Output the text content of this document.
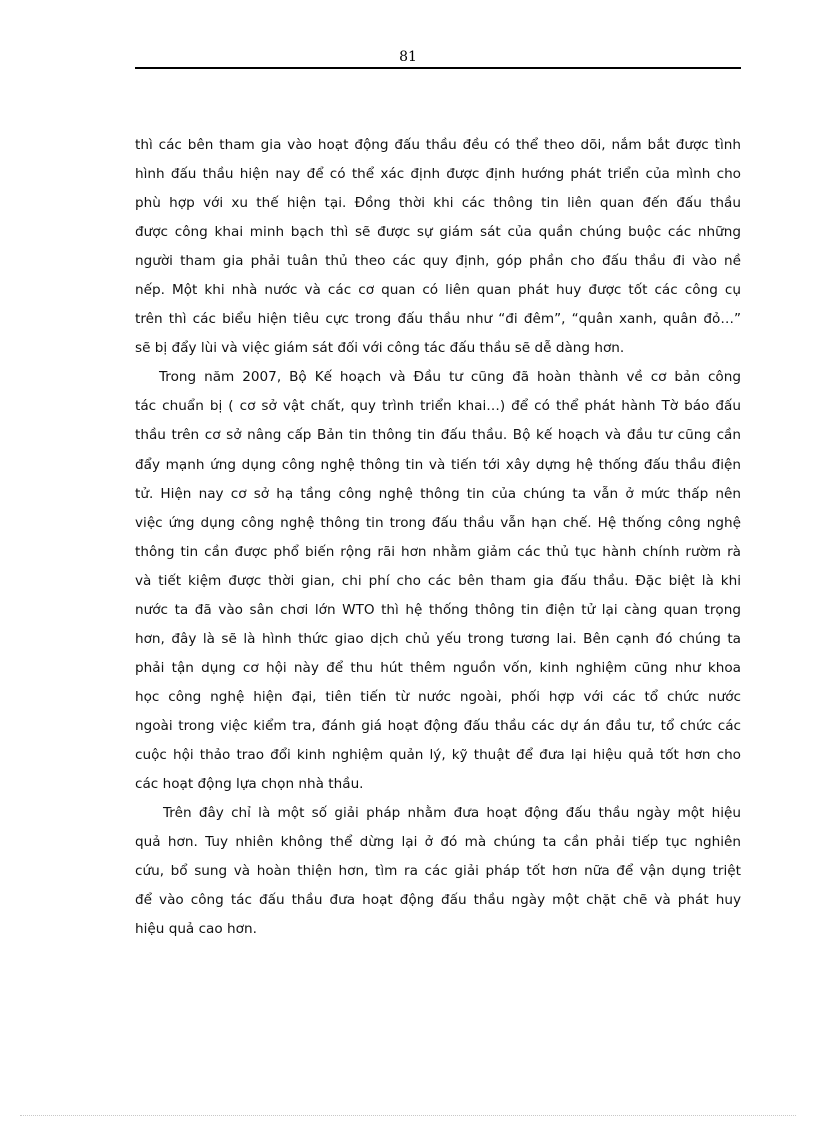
81
thì các bên tham gia vào hoạt động đấu thầu đều có thể theo dõi, nắm bắt được tình
hình đấu thầu hiện nay để có thể xác định được định hướng phát triển của mình cho
phù hợp với xu thế hiện tại. Đồng thời khi các thông tin liên quan đến đấu thầu
được công khai minh bạch thì sẽ được sự giám sát của quần chúng buộc các những
người tham gia phải tuân thủ theo các quy định, góp phần cho đấu thầu đi vào nề
nếp. Một khi nhà nước và các cơ quan có liên quan phát huy được tốt các công cụ
trên thì các biểu hiện tiêu cực trong đấu thầu như “đi đêm”, “quân xanh, quân đỏ…”
sẽ bị đẩy lùi và việc giám sát đối với công tác đấu thầu sẽ dễ dàng hơn.
Trong năm 2007, Bộ Kế hoạch và Đầu tư cũng đã hoàn thành về cơ bản công
tác chuẩn bị ( cơ sở vật chất, quy trình triển khai…) để có thể phát hành Tờ báo đấu
thầu trên cơ sở nâng cấp Bản tin thông tin đấu thầu. Bộ kế hoạch và đầu tư cũng cần
đẩy mạnh ứng dụng công nghệ thông tin và tiến tới xây dựng hệ thống đấu thầu điện
tử. Hiện nay cơ sở hạ tầng công nghệ thông tin của chúng ta vẫn ở mức thấp nên
việc ứng dụng công nghệ thông tin trong đấu thầu vẫn hạn chế. Hệ thống công nghệ
thông tin cần được phổ biến rộng rãi hơn nhằm giảm các thủ tục hành chính rườm rà
và tiết kiệm được thời gian, chi phí cho các bên tham gia đấu thầu. Đặc biệt là khi
nước ta đã vào sân chơi lớn WTO thì hệ thống thông tin điện tử lại càng quan trọng
hơn, đây là sẽ là hình thức giao dịch chủ yếu trong tương lai. Bên cạnh đó chúng ta
phải tận dụng cơ hội này để thu hút thêm nguồn vốn, kinh nghiệm cũng như khoa
học công nghệ hiện đại, tiên tiến từ nước ngoài, phối hợp với các tổ chức nước
ngoài trong việc kiểm tra, đánh giá hoạt động đấu thầu các dự án đầu tư, tổ chức các
cuộc hội thảo trao đổi kinh nghiệm quản lý, kỹ thuật để đưa lại hiệu quả tốt hơn cho
các hoạt động lựa chọn nhà thầu.
Trên đây chỉ là một số giải pháp nhằm đưa hoạt động đấu thầu ngày một hiệu
quả hơn. Tuy nhiên không thể dừng lại ở đó mà chúng ta cần phải tiếp tục nghiên
cứu, bổ sung và hoàn thiện hơn, tìm ra các giải pháp tốt hơn nữa để vận dụng triệt
để vào công tác đấu thầu đưa hoạt động đấu thầu ngày một chặt chẽ và phát huy
hiệu quả cao hơn.
